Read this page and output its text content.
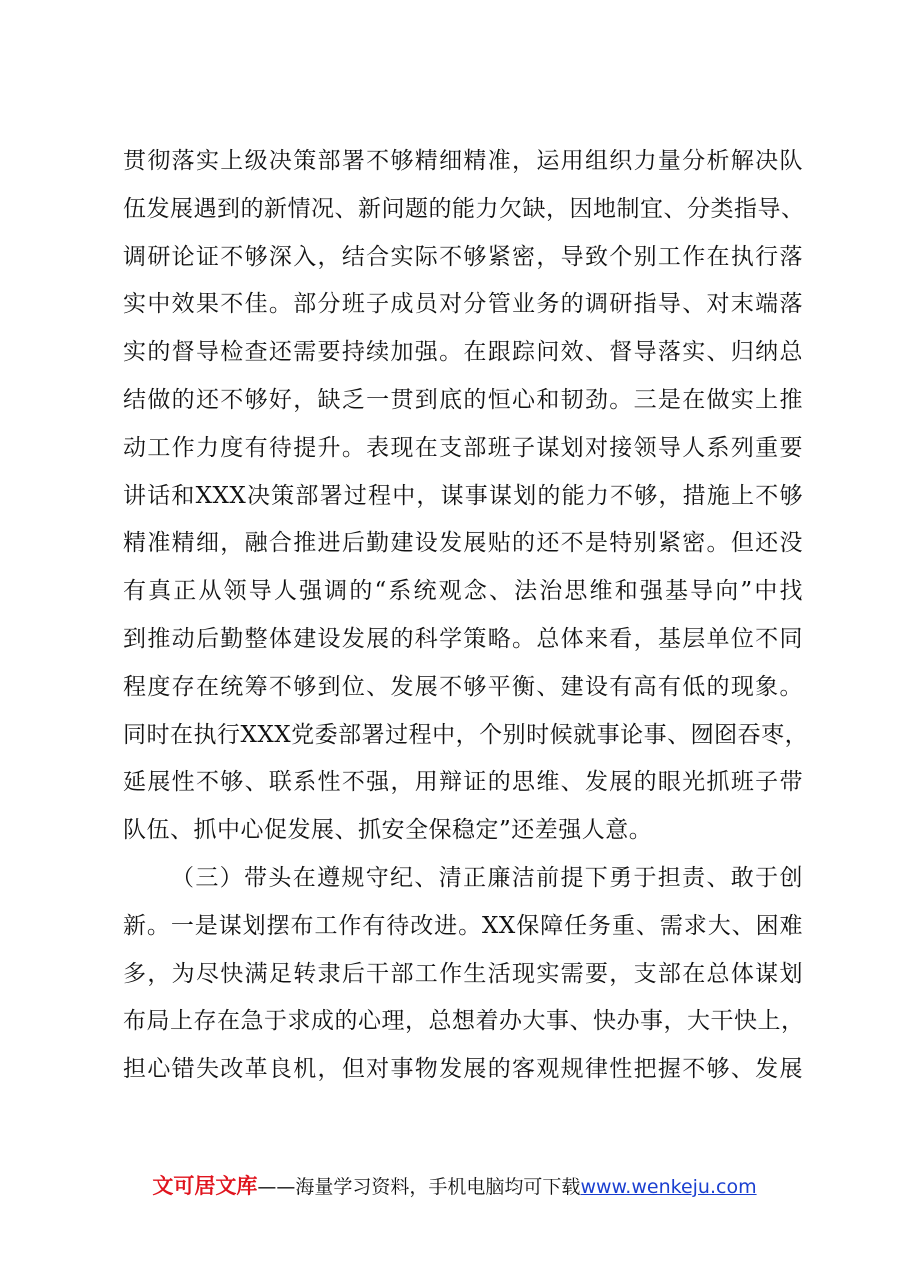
贯彻落实上级决策部署不够精细精准，运用组织力量分析解决队
伍发展遇到的新情况、新问题的能力欠缺，因地制宜、分类指导、
调研论证不够深入，结合实际不够紧密，导致个别工作在执行落
实中效果不佳。部分班子成员对分管业务的调研指导、对末端落
实的督导检查还需要持续加强。在跟踪问效、督导落实、归纳总
结做的还不够好，缺乏一贯到底的恒心和韧劲。三是在做实上推
动工作力度有待提升。表现在支部班子谋划对接领导人系列重要
讲话和XXX决策部署过程中，谋事谋划的能力不够，措施上不够
精准精细，融合推进后勤建设发展贴的还不是特别紧密。但还没
有真正从领导人强调的“系统观念、法治思维和强基导向”中找
到推动后勤整体建设发展的科学策略。总体来看，基层单位不同
程度存在统筹不够到位、发展不够平衡、建设有高有低的现象。
同时在执行XXX党委部署过程中，个别时候就事论事、囫囵吞枣，
延展性不够、联系性不强，用辩证的思维、发展的眼光抓班子带
队伍、抓中心促发展、抓安全保稳定”还差强人意。
（三）带头在遵规守纪、清正廉洁前提下勇于担责、敢于创
新。一是谋划摆布工作有待改进。XX保障任务重、需求大、困难
多，为尽快满足转隶后干部工作生活现实需要，支部在总体谋划
布局上存在急于求成的心理，总想着办大事、快办事，大干快上，
担心错失改革良机，但对事物发展的客观规律性把握不够、发展
文可居文库——海量学习资料，手机电脑均可下载www.wenkeju.com
